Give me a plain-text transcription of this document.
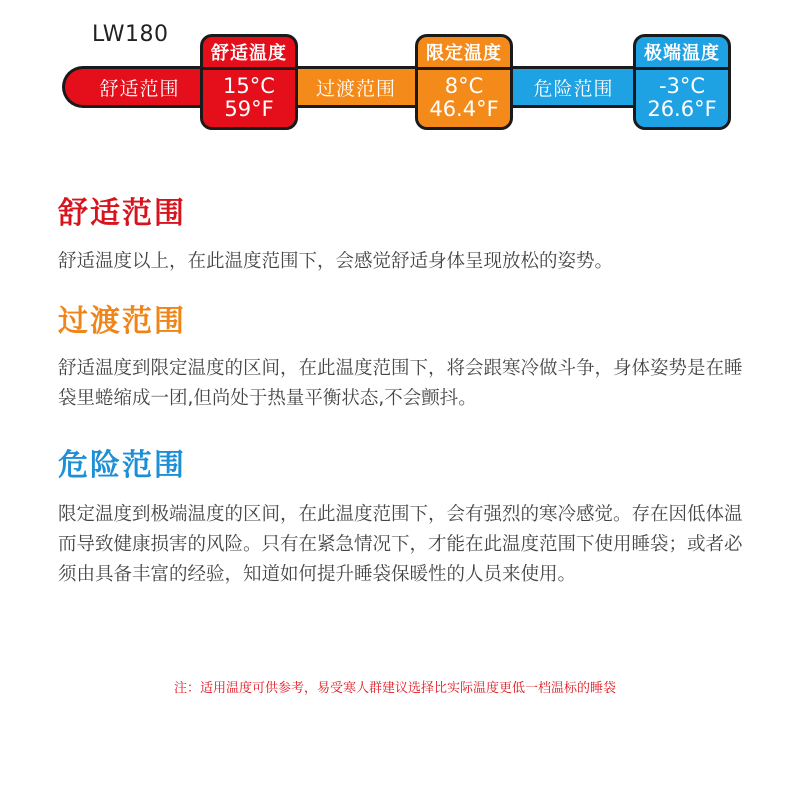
LW180
舒适范围	过渡范围	危险范围
舒适温度
15°C
59°F
限定温度
8°C
46.4°F
极端温度
-3°C
26.6°F
舒适范围
舒适温度以上，在此温度范围下，会感觉舒适身体呈现放松的姿势。
过渡范围
舒适温度到限定温度的区间，在此温度范围下，将会跟寒冷做斗争，身体姿势是在睡袋里蜷缩成一团,但尚处于热量平衡状态,不会颤抖。
危险范围
限定温度到极端温度的区间，在此温度范围下，会有强烈的寒冷感觉。存在因低体温而导致健康损害的风险。只有在紧急情况下，才能在此温度范围下使用睡袋；或者必须由具备丰富的经验，知道如何提升睡袋保暖性的人员来使用。
注：适用温度可供参考，易受寒人群建议选择比实际温度更低一档温标的睡袋
